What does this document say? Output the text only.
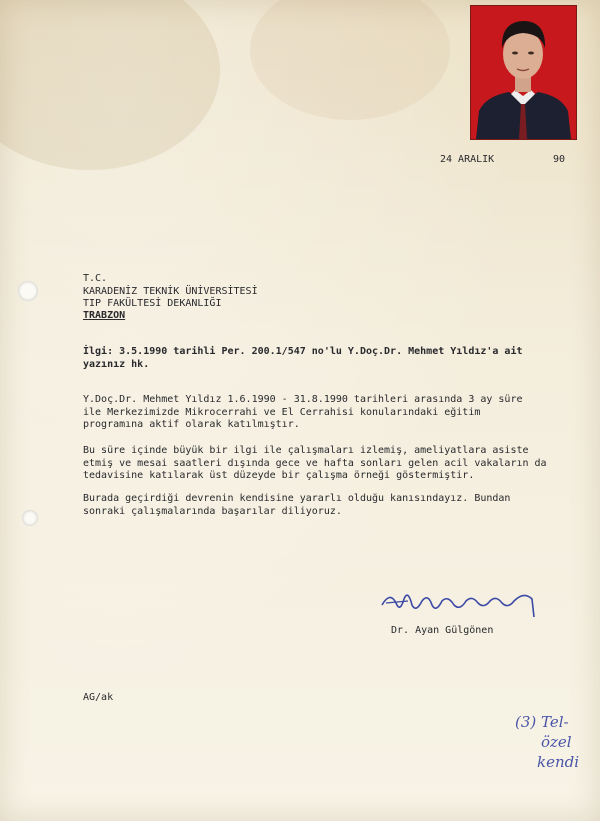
24 ARALIK	90
T.C.
KARADENİZ TEKNİK ÜNİVERSİTESİ
TIP FAKÜLTESİ DEKANLIĞI
TRABZON
İlgi: 3.5.1990 tarihli Per. 200.1/547 no'lu Y.Doç.Dr. Mehmet Yıldız'a ait
yazınız hk.
Y.Doç.Dr. Mehmet Yıldız 1.6.1990 - 31.8.1990 tarihleri arasında 3 ay süre
ile Merkezimizde Mikrocerrahi ve El Cerrahisi konularındaki eğitim
programına aktif olarak katılmıştır.
Bu süre içinde büyük bir ilgi ile çalışmaları izlemiş, ameliyatlara asiste
etmiş ve mesai saatleri dışında gece ve hafta sonları gelen acil vakaların da
tedavisine katılarak üst düzeyde bir çalışma örneği göstermiştir.
Burada geçirdiği devrenin kendisine yararlı olduğu kanısındayız. Bundan
sonraki çalışmalarında başarılar diliyoruz.
Dr. Ayan Gülgönen
AG/ak
(3) Tel-
özel
kendi
